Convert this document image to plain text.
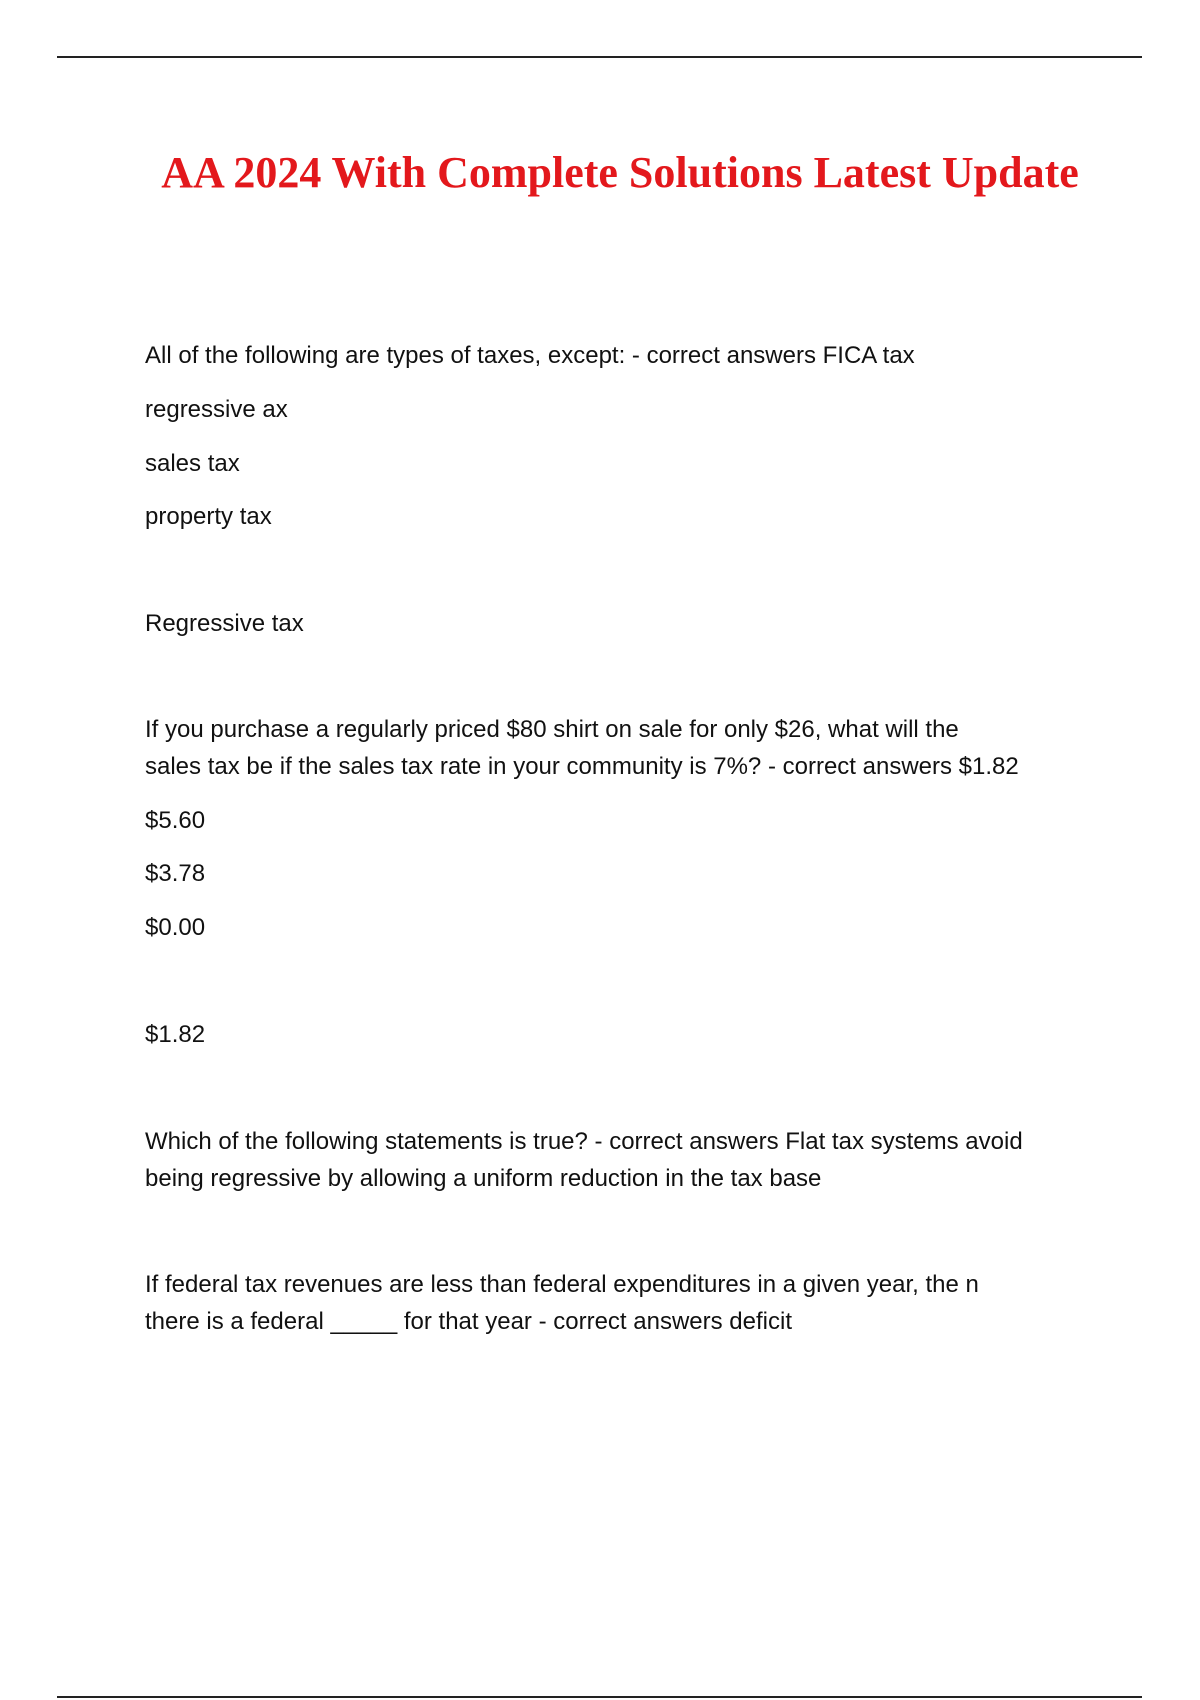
AA 2024 With Complete Solutions Latest Update
All of the following are types of taxes, except: - correct answers FICA tax
regressive ax
sales tax
property tax
Regressive tax
If you purchase a regularly priced $80 shirt on sale for only $26, what will the
sales tax be if the sales tax rate in your community is 7%? - correct answers $1.82
$5.60
$3.78
$0.00
$1.82
Which of the following statements is true? - correct answers Flat tax systems avoid
being regressive by allowing a uniform reduction in the tax base
If federal tax revenues are less than federal expenditures in a given year, the n
there is a federal _____ for that year - correct answers deficit
